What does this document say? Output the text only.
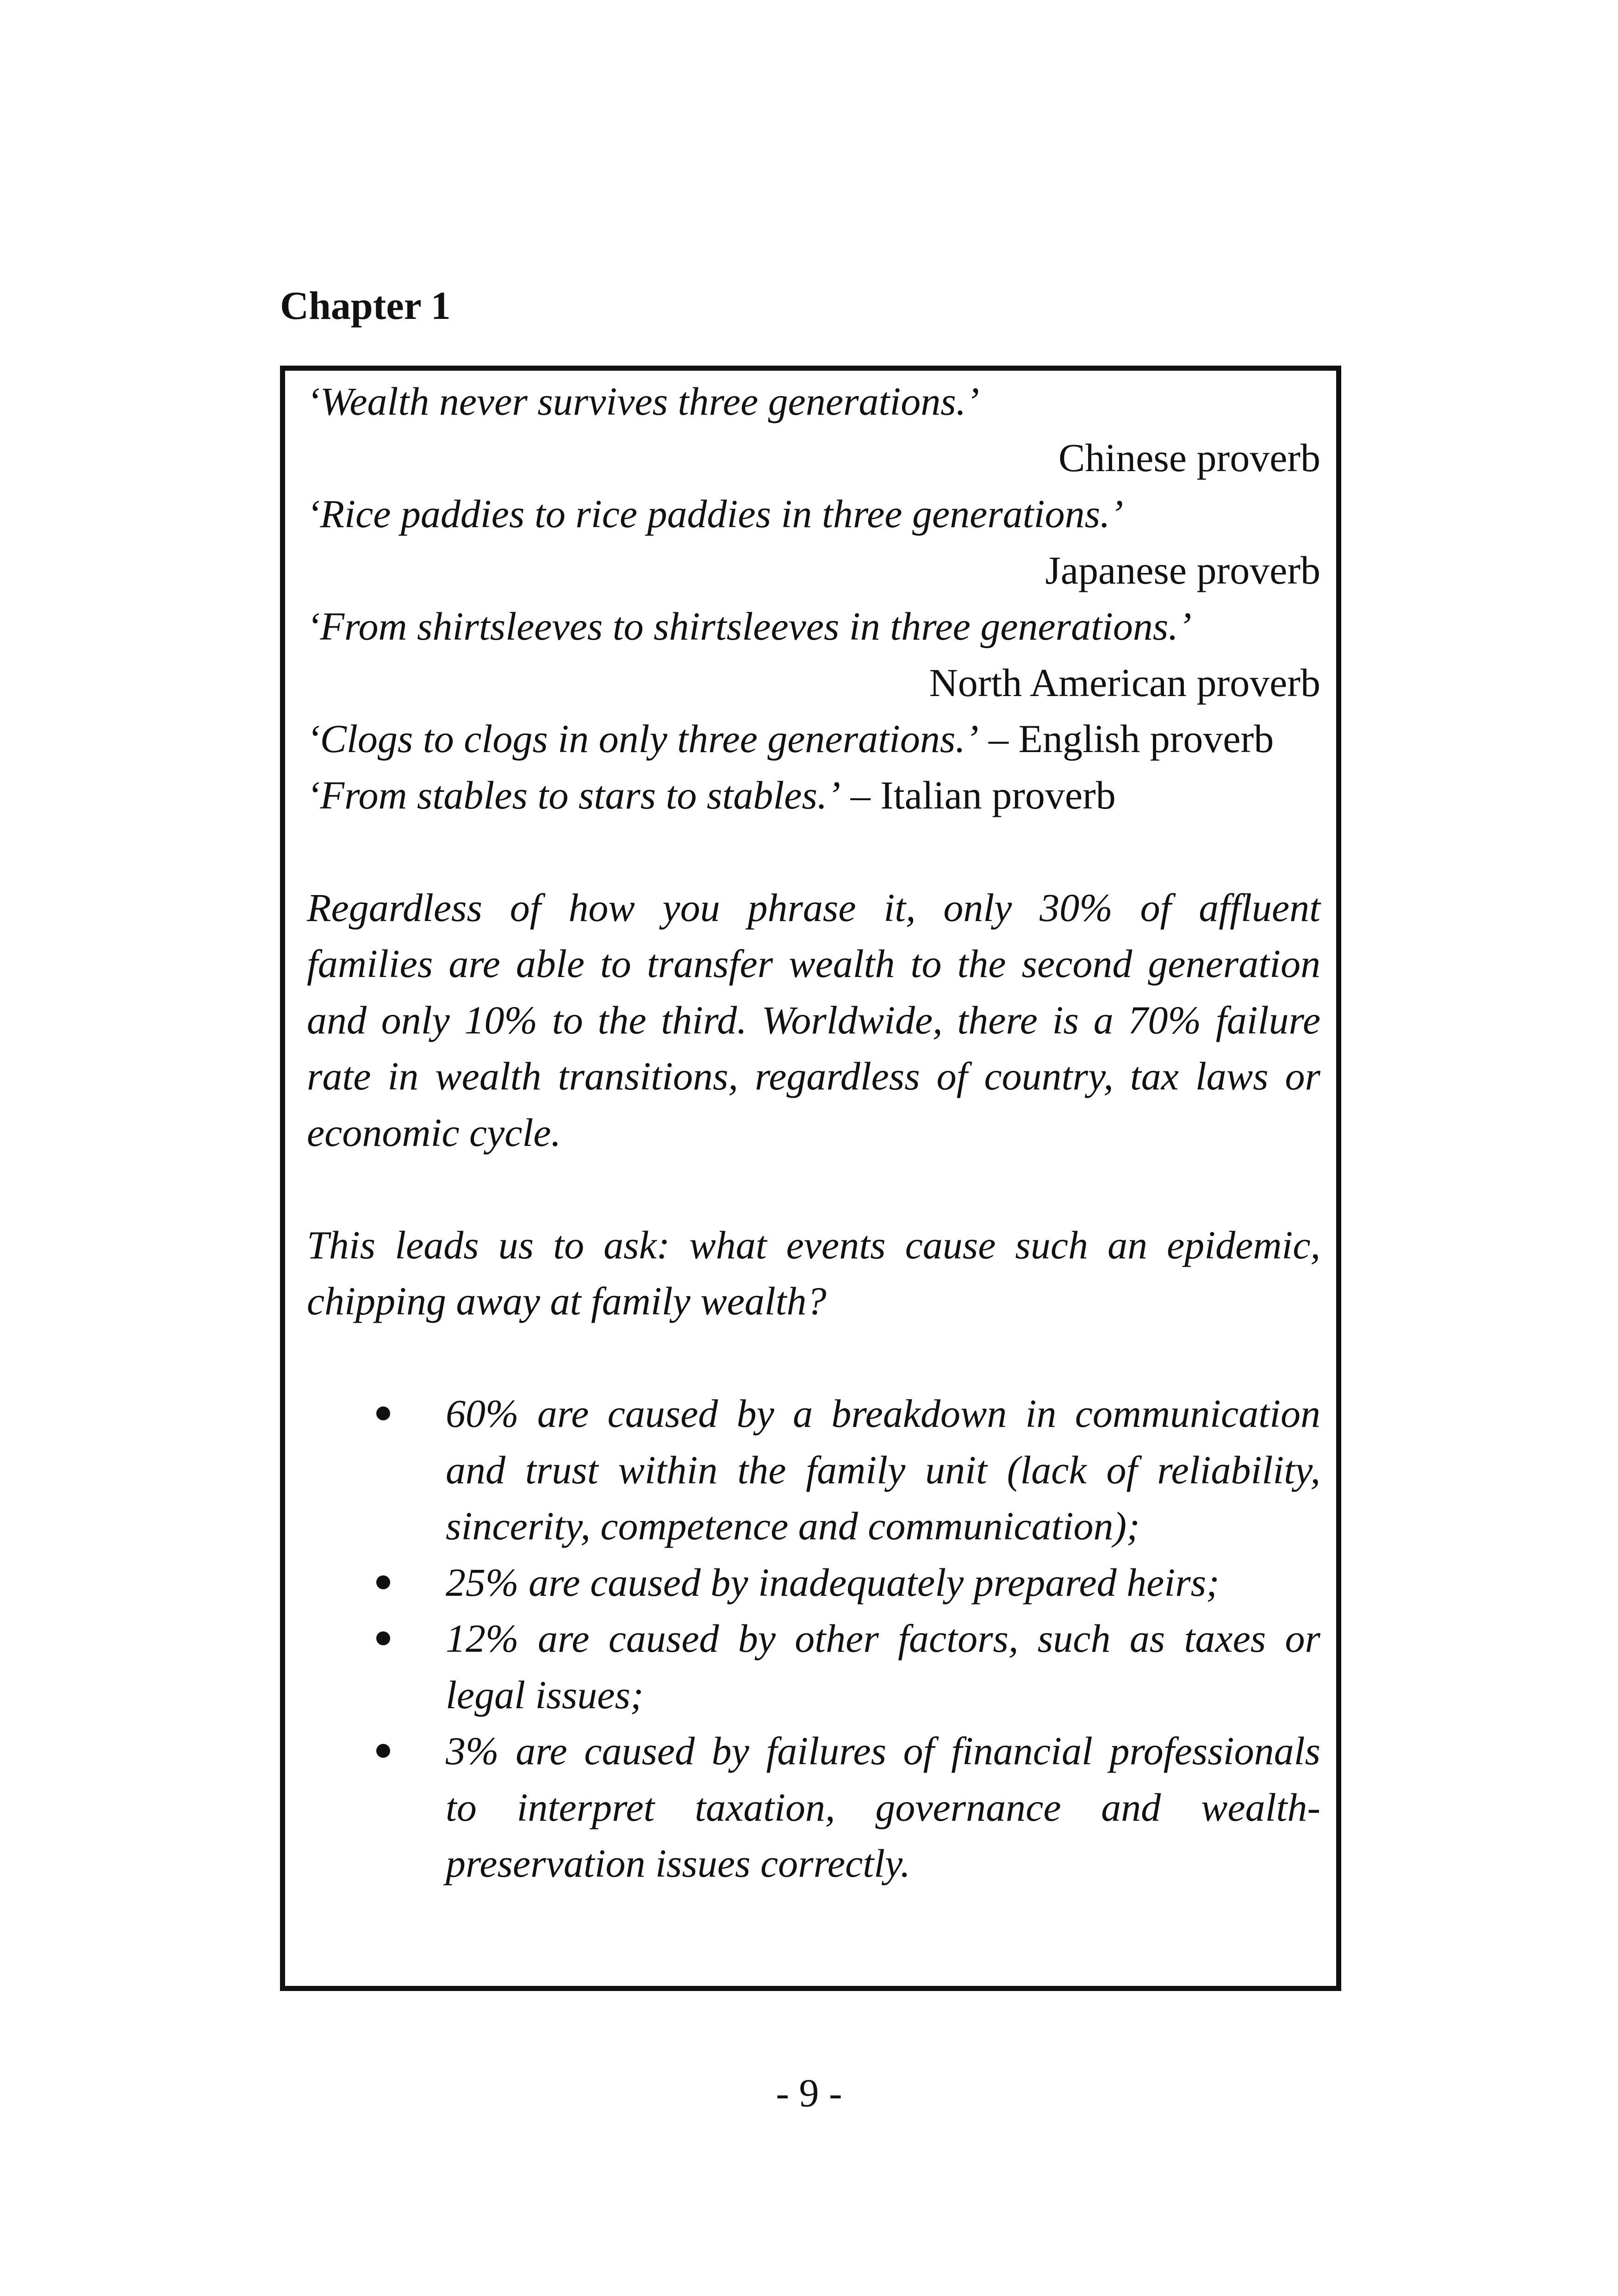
Chapter 1

‘Wealth never survives three generations.’

Chinese proverb

‘Rice paddies to rice paddies in three generations.’

Japanese proverb

‘From shirtsleeves to shirtsleeves in three generations.’

North American proverb

‘Clogs to clogs in only three generations.’ – English proverb

‘From stables to stars to stables.’ – Italian proverb

Regardless of how you phrase it, only 30% of affluent
families are able to transfer wealth to the second generation
and only 10% to the third. Worldwide, there is a 70% failure
rate in wealth transitions, regardless of country, tax laws or
economic cycle.
This leads us to ask: what events cause such an epidemic,
chipping away at family wealth?
60% are caused by a breakdown in communication
and trust within the family unit (lack of reliability,
sincerity, competence and communication);
25% are caused by inadequately prepared heirs;
12% are caused by other factors, such as taxes or
legal issues;
3% are caused by failures of financial professionals
to interpret taxation, governance and wealth-
preservation issues correctly.

- 9 -
